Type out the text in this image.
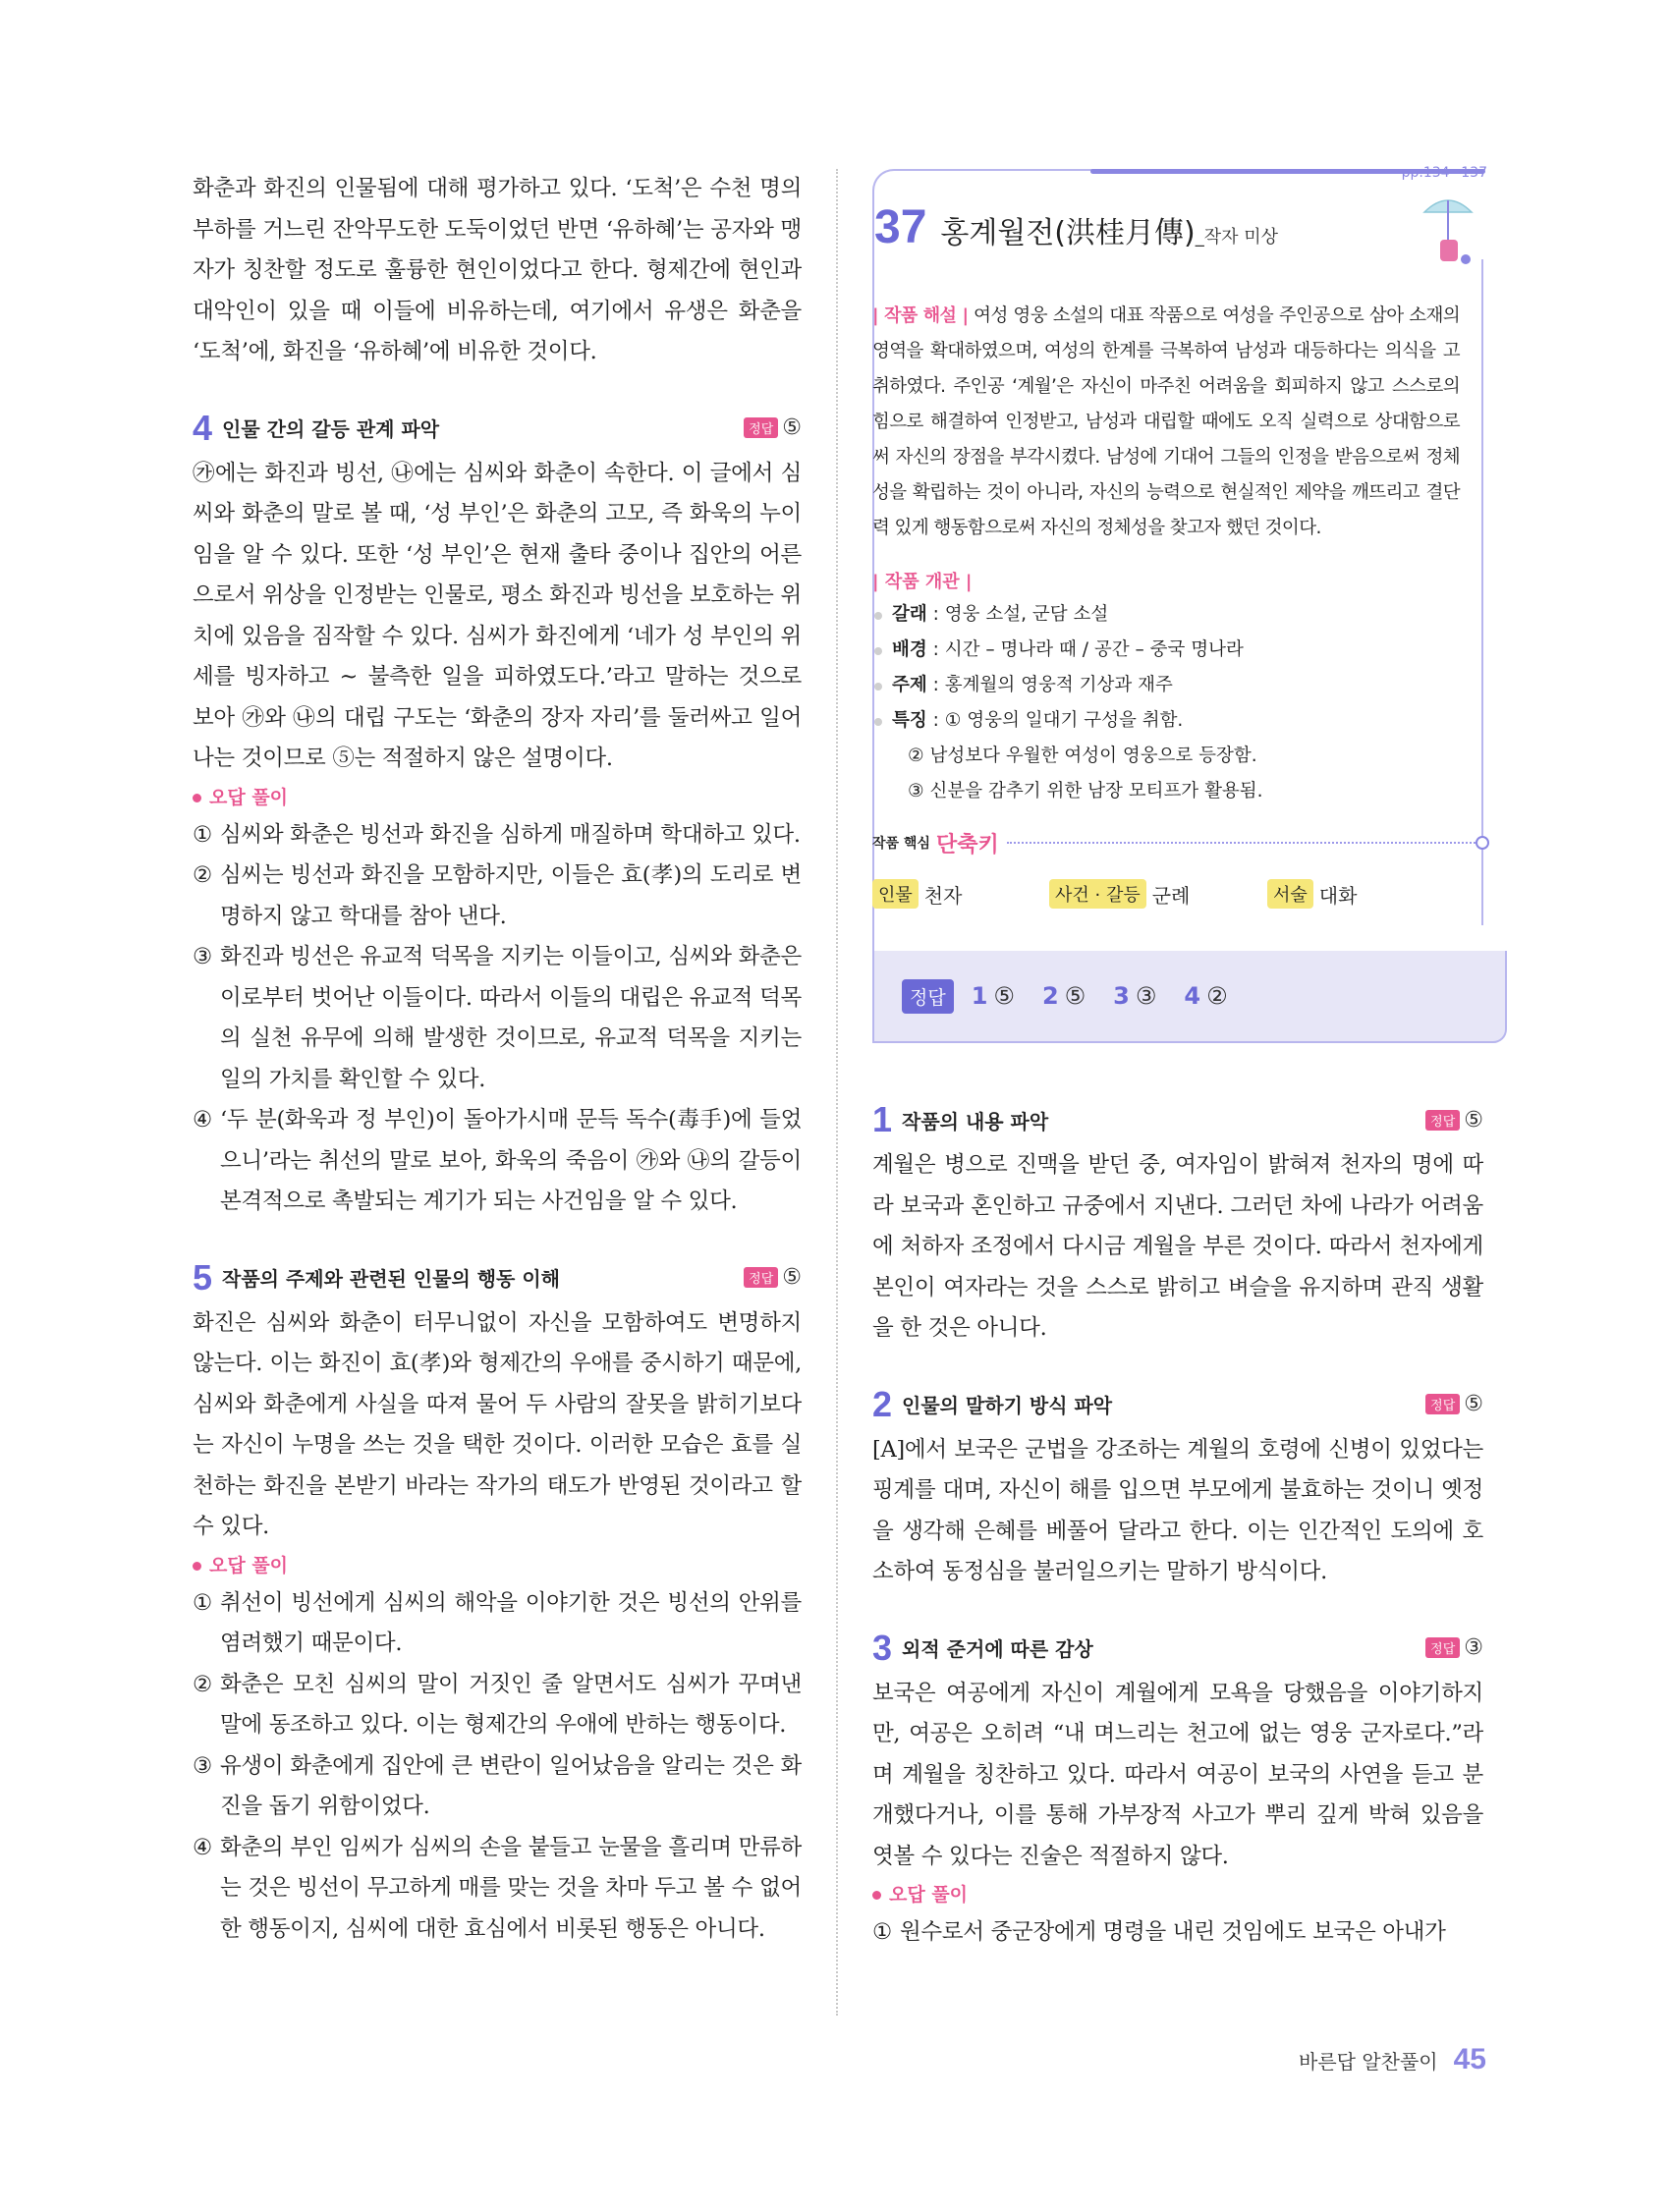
화춘과 화진의 인물됨에 대해 평가하고 있다. ‘도척’은 수천 명의 부하를 거느린 잔악무도한 도둑이었던 반면 ‘유하혜’는 공자와 맹자가 칭찬할 정도로 훌륭한 현인이었다고 한다. 형제간에 현인과 대악인이 있을 때 이들에 비유하는데, 여기에서 유생은 화춘을 ‘도척’에, 화진을 ‘유하혜’에 비유한 것이다.

4 인물 간의 갈등 관계 파악	정답 ⑤

㉮에는 화진과 빙선, ㉯에는 심씨와 화춘이 속한다. 이 글에서 심씨와 화춘의 말로 볼 때, ‘성 부인’은 화춘의 고모, 즉 화욱의 누이임을 알 수 있다. 또한 ‘성 부인’은 현재 출타 중이나 집안의 어른으로서 위상을 인정받는 인물로, 평소 화진과 빙선을 보호하는 위치에 있음을 짐작할 수 있다. 심씨가 화진에게 ‘네가 성 부인의 위세를 빙자하고 ~ 불측한 일을 피하였도다.’라고 말하는 것으로 보아 ㉮와 ㉯의 대립 구도는 ‘화춘의 장자 자리’를 둘러싸고 일어나는 것이므로 ⑤는 적절하지 않은 설명이다.

오답 풀이
① 심씨와 화춘은 빙선과 화진을 심하게 매질하며 학대하고 있다.
② 심씨는 빙선과 화진을 모함하지만, 이들은 효(孝)의 도리로 변명하지 않고 학대를 참아 낸다.
③ 화진과 빙선은 유교적 덕목을 지키는 이들이고, 심씨와 화춘은 이로부터 벗어난 이들이다. 따라서 이들의 대립은 유교적 덕목의 실천 유무에 의해 발생한 것이므로, 유교적 덕목을 지키는 일의 가치를 확인할 수 있다.
④ ‘두 분(화욱과 정 부인)이 돌아가시매 문득 독수(毒手)에 들었으니’라는 취선의 말로 보아, 화욱의 죽음이 ㉮와 ㉯의 갈등이 본격적으로 촉발되는 계기가 되는 사건임을 알 수 있다.
5 작품의 주제와 관련된 인물의 행동 이해	정답 ⑤

화진은 심씨와 화춘이 터무니없이 자신을 모함하여도 변명하지 않는다. 이는 화진이 효(孝)와 형제간의 우애를 중시하기 때문에, 심씨와 화춘에게 사실을 따져 물어 두 사람의 잘못을 밝히기보다는 자신이 누명을 쓰는 것을 택한 것이다. 이러한 모습은 효를 실천하는 화진을 본받기 바라는 작가의 태도가 반영된 것이라고 할 수 있다.

오답 풀이
① 취선이 빙선에게 심씨의 해악을 이야기한 것은 빙선의 안위를 염려했기 때문이다.
② 화춘은 모친 심씨의 말이 거짓인 줄 알면서도 심씨가 꾸며낸 말에 동조하고 있다. 이는 형제간의 우애에 반하는 행동이다.
③ 유생이 화춘에게 집안에 큰 변란이 일어났음을 알리는 것은 화진을 돕기 위함이었다.
④ 화춘의 부인 임씨가 심씨의 손을 붙들고 눈물을 흘리며 만류하는 것은 빙선이 무고하게 매를 맞는 것을 차마 두고 볼 수 없어 한 행동이지, 심씨에 대한 효심에서 비롯된 행동은 아니다.
pp.134~137
37 홍계월전(洪桂月傳) _작자 미상

| 작품 해설 | 여성 영웅 소설의 대표 작품으로 여성을 주인공으로 삼아 소재의 영역을 확대하였으며, 여성의 한계를 극복하여 남성과 대등하다는 의식을 고취하였다. 주인공 ‘계월’은 자신이 마주친 어려움을 회피하지 않고 스스로의 힘으로 해결하여 인정받고, 남성과 대립할 때에도 오직 실력으로 상대함으로써 자신의 장점을 부각시켰다. 남성에 기대어 그들의 인정을 받음으로써 정체성을 확립하는 것이 아니라, 자신의 능력으로 현실적인 제약을 깨뜨리고 결단력 있게 행동함으로써 자신의 정체성을 찾고자 했던 것이다.

| 작품 개관 |
갈래 : 영웅 소설, 군담 소설
배경 : 시간 – 명나라 때 / 공간 – 중국 명나라
주제 : 홍계월의 영웅적 기상과 재주
특징 : ① 영웅의 일대기 구성을 취함.
② 남성보다 우월한 여성이 영웅으로 등장함.
③ 신분을 감추기 위한 남장 모티프가 활용됨.
작품 핵심 단축키
인물 천자	사건 · 갈등 군례	서술 대화
정답	1 ⑤ 2 ⑤ 3 ③ 4 ②
1 작품의 내용 파악	정답 ⑤

계월은 병으로 진맥을 받던 중, 여자임이 밝혀져 천자의 명에 따라 보국과 혼인하고 규중에서 지낸다. 그러던 차에 나라가 어려움에 처하자 조정에서 다시금 계월을 부른 것이다. 따라서 천자에게 본인이 여자라는 것을 스스로 밝히고 벼슬을 유지하며 관직 생활을 한 것은 아니다.

2 인물의 말하기 방식 파악	정답 ⑤

[A]에서 보국은 군법을 강조하는 계월의 호령에 신병이 있었다는 핑계를 대며, 자신이 해를 입으면 부모에게 불효하는 것이니 옛정을 생각해 은혜를 베풀어 달라고 한다. 이는 인간적인 도의에 호소하여 동정심을 불러일으키는 말하기 방식이다.

3 외적 준거에 따른 감상	정답 ③

보국은 여공에게 자신이 계월에게 모욕을 당했음을 이야기하지만, 여공은 오히려 “내 며느리는 천고에 없는 영웅 군자로다.”라며 계월을 칭찬하고 있다. 따라서 여공이 보국의 사연을 듣고 분개했다거나, 이를 통해 가부장적 사고가 뿌리 깊게 박혀 있음을 엿볼 수 있다는 진술은 적절하지 않다.

오답 풀이
① 원수로서 중군장에게 명령을 내린 것임에도 보국은 아내가
바른답 알찬풀이 45
